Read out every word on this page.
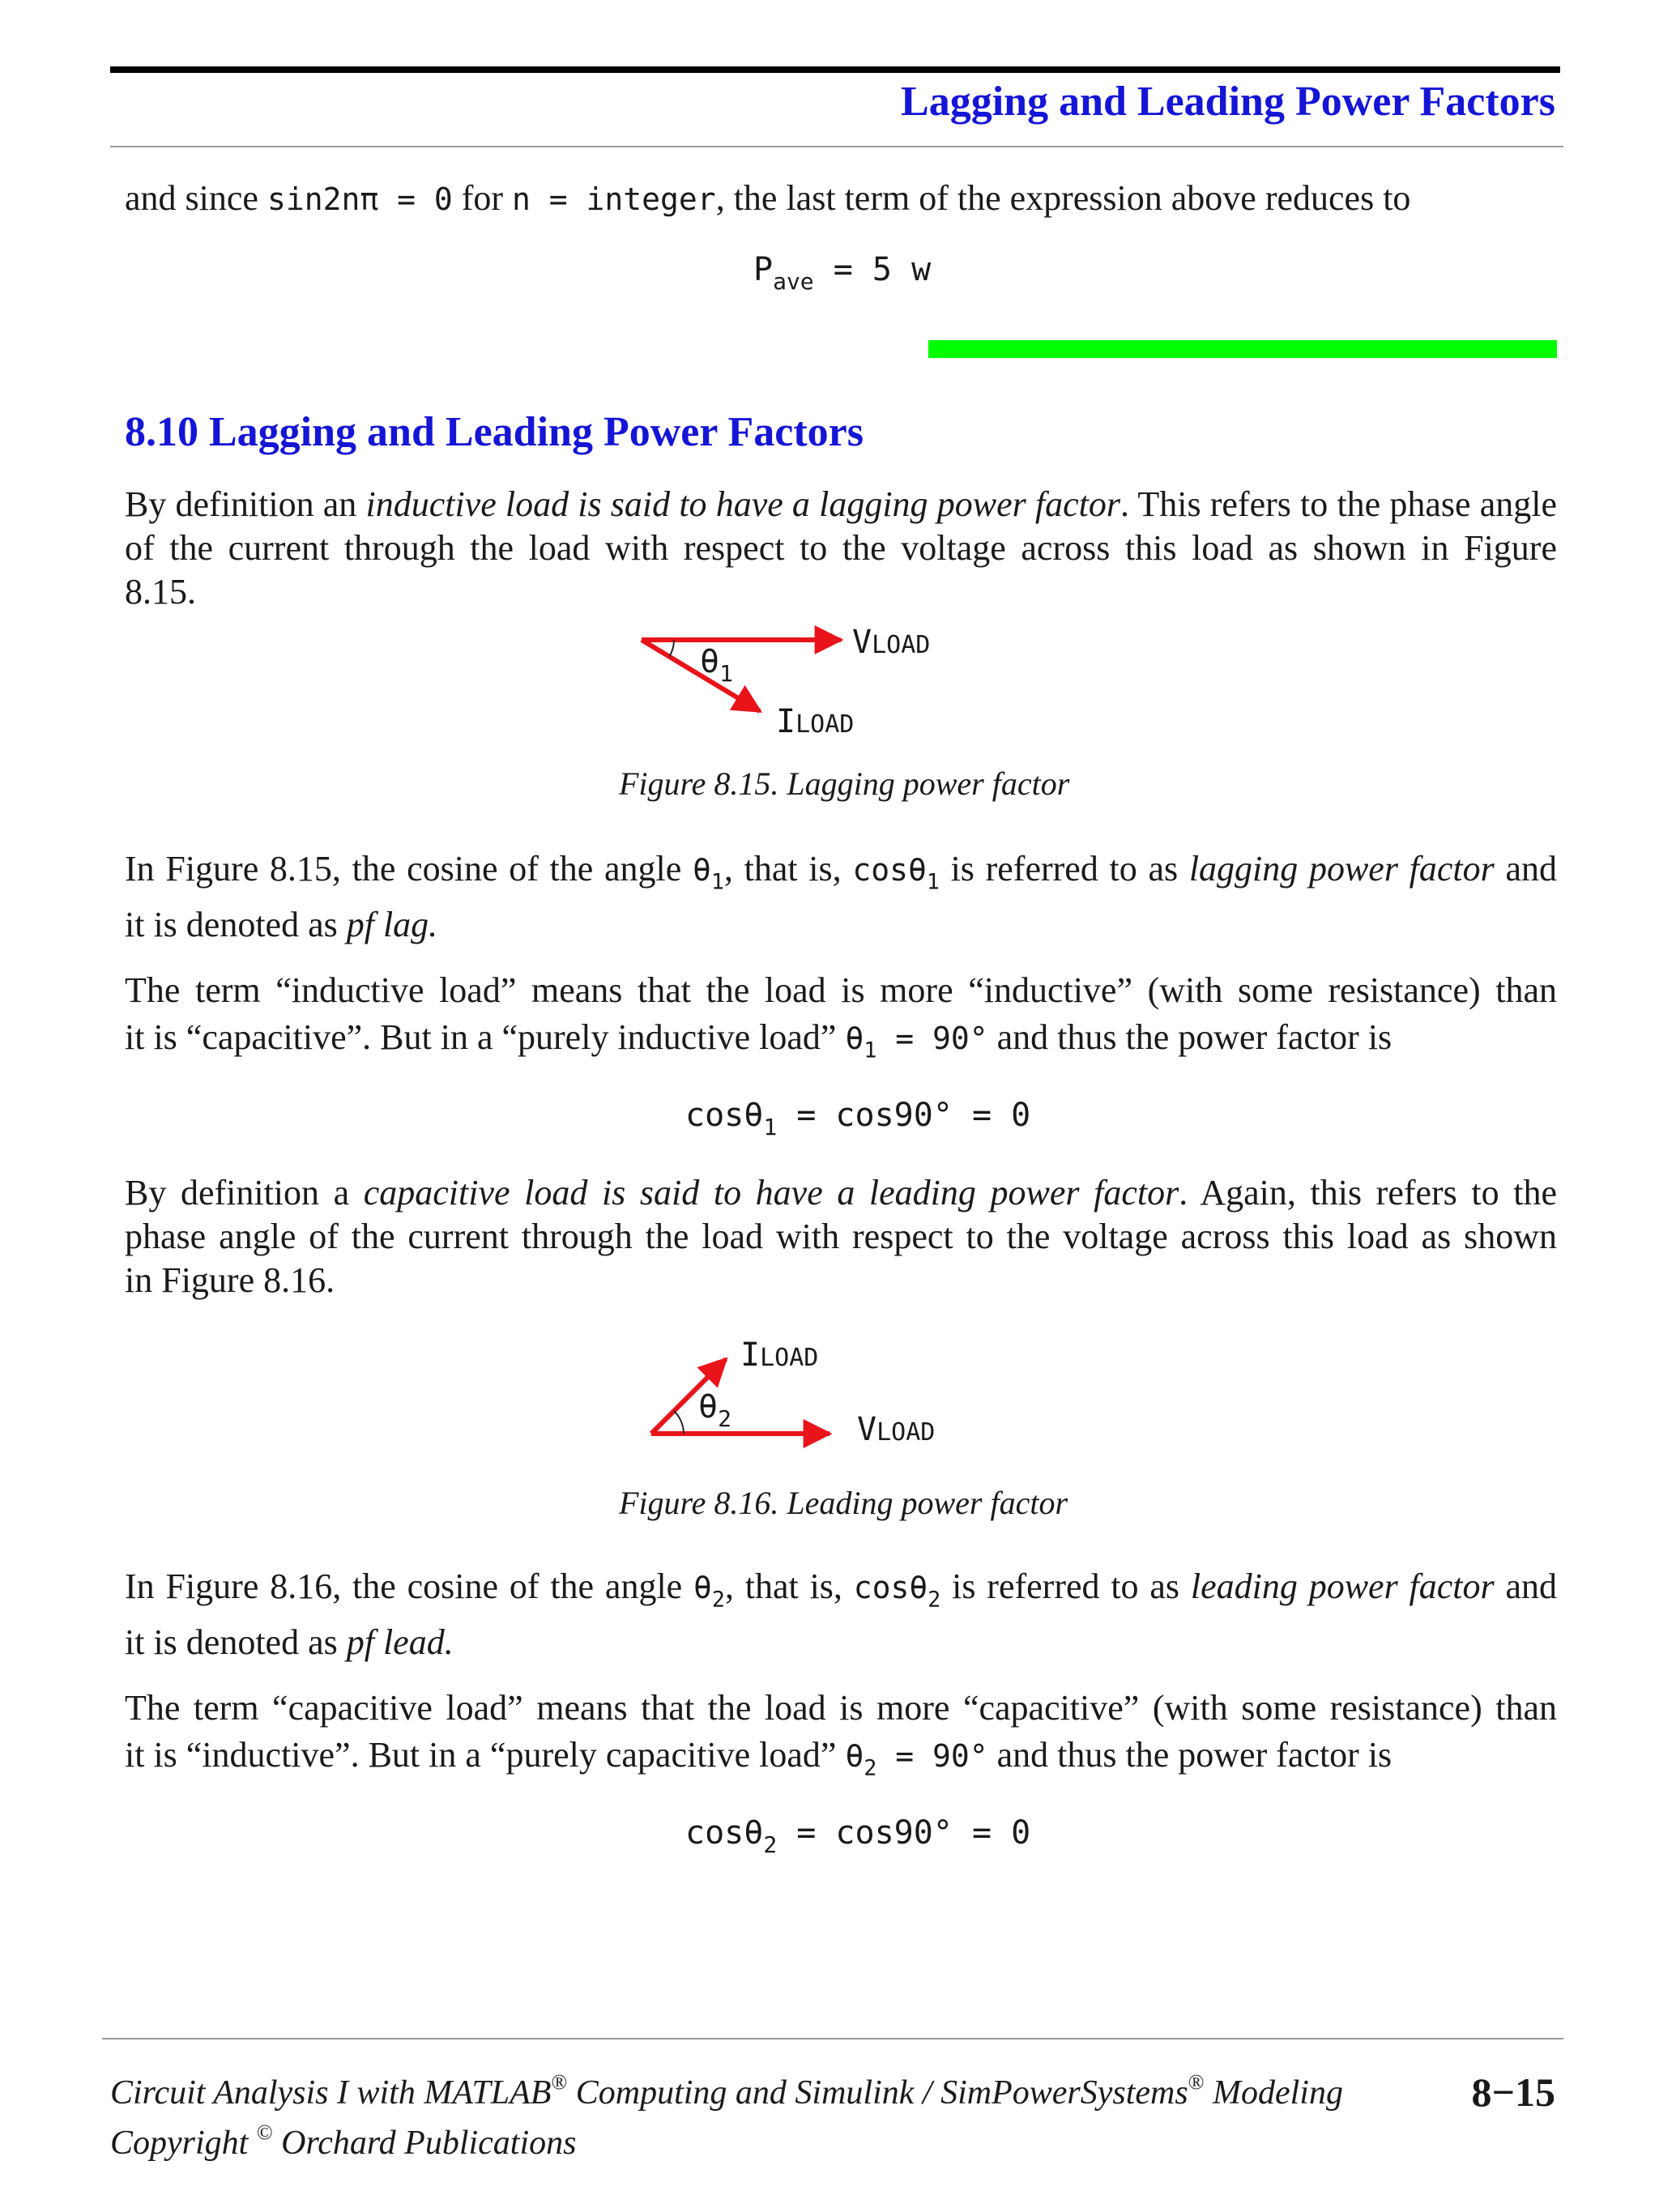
Lagging and Leading Power Factors
and since sin2nπ = 0 for n = integer, the last term of the expression above reduces to
$P_{ave} = 5$ w
8.10 Lagging and Leading Power Factors
By definition an inductive load is said to have a lagging power factor. This refers to the phase angle
of the current through the load with respect to the voltage across this load as shown in Figure
8.15.
$\theta_1$
VLOAD
ILOAD
Figure 8.15. Lagging power factor
In Figure 8.15, the cosine of the angle $\theta_1$, that is, cosθ$_1$ is referred to as lagging power factor and
it is denoted as pf lag.
The term “inductive load” means that the load is more “inductive” (with some resistance) than
it is “capacitive”. But in a “purely inductive load” $\theta_1 = 90^\circ$ and thus the power factor is
cosθ$_1$ = cos90° = 0
By definition a capacitive load is said to have a leading power factor. Again, this refers to the
phase angle of the current through the load with respect to the voltage across this load as shown
in Figure 8.16.
$\theta_2$
ILOAD
VLOAD
Figure 8.16. Leading power factor
In Figure 8.16, the cosine of the angle $\theta_2$, that is, cosθ$_2$ is referred to as leading power factor and
it is denoted as pf lead.
The term “capacitive load” means that the load is more “capacitive” (with some resistance) than
it is “inductive”. But in a “purely capacitive load” $\theta_2 = 90^\circ$ and thus the power factor is
cosθ$_2$ = cos90° = 0
Circuit Analysis I with MATLAB® Computing and Simulink / SimPowerSystems® Modeling	8−15
Copyright © Orchard Publications
